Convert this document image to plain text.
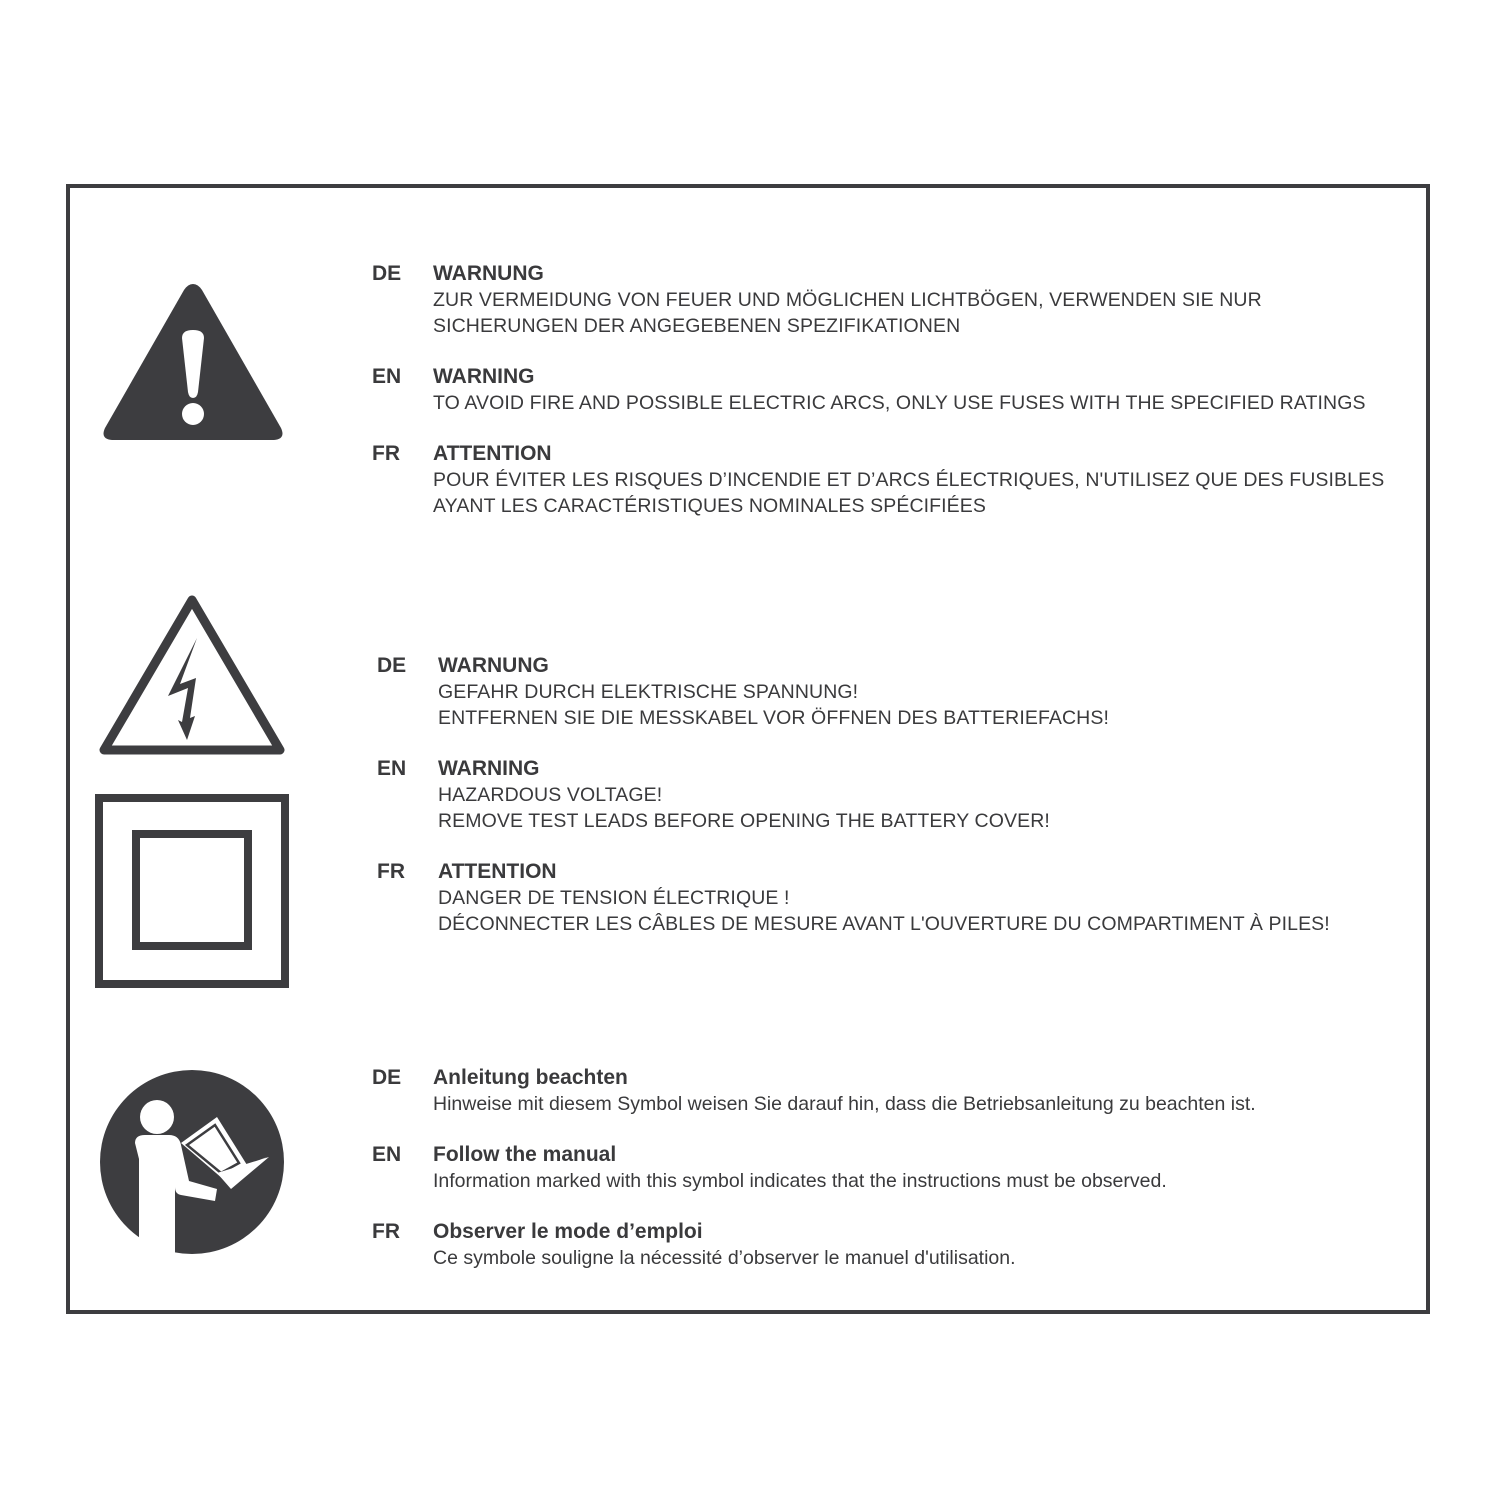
DE WARNUNG
ZUR VERMEIDUNG VON FEUER UND MÖGLICHEN LICHTBÖGEN, VERWENDEN SIE NUR
SICHERUNGEN DER ANGEGEBENEN SPEZIFIKATIONEN
EN WARNING
TO AVOID FIRE AND POSSIBLE ELECTRIC ARCS, ONLY USE FUSES WITH THE SPECIFIED RATINGS
FR ATTENTION
POUR ÉVITER LES RISQUES D’INCENDIE ET D’ARCS ÉLECTRIQUES, N'UTILISEZ QUE DES FUSIBLES
AYANT LES CARACTÉRISTIQUES NOMINALES SPÉCIFIÉES
DE WARNUNG
GEFAHR DURCH ELEKTRISCHE SPANNUNG!
ENTFERNEN SIE DIE MESSKABEL VOR ÖFFNEN DES BATTERIEFACHS!
EN WARNING
HAZARDOUS VOLTAGE!
REMOVE TEST LEADS BEFORE OPENING THE BATTERY COVER!
FR ATTENTION
DANGER DE TENSION ÉLECTRIQUE !
DÉCONNECTER LES CÂBLES DE MESURE AVANT L'OUVERTURE DU COMPARTIMENT À PILES!
DE Anleitung beachten
Hinweise mit diesem Symbol weisen Sie darauf hin, dass die Betriebsanleitung zu beachten ist.
EN Follow the manual
Information marked with this symbol indicates that the instructions must be observed.
FR Observer le mode d’emploi
Ce symbole souligne la nécessité d’observer le manuel d'utilisation.
